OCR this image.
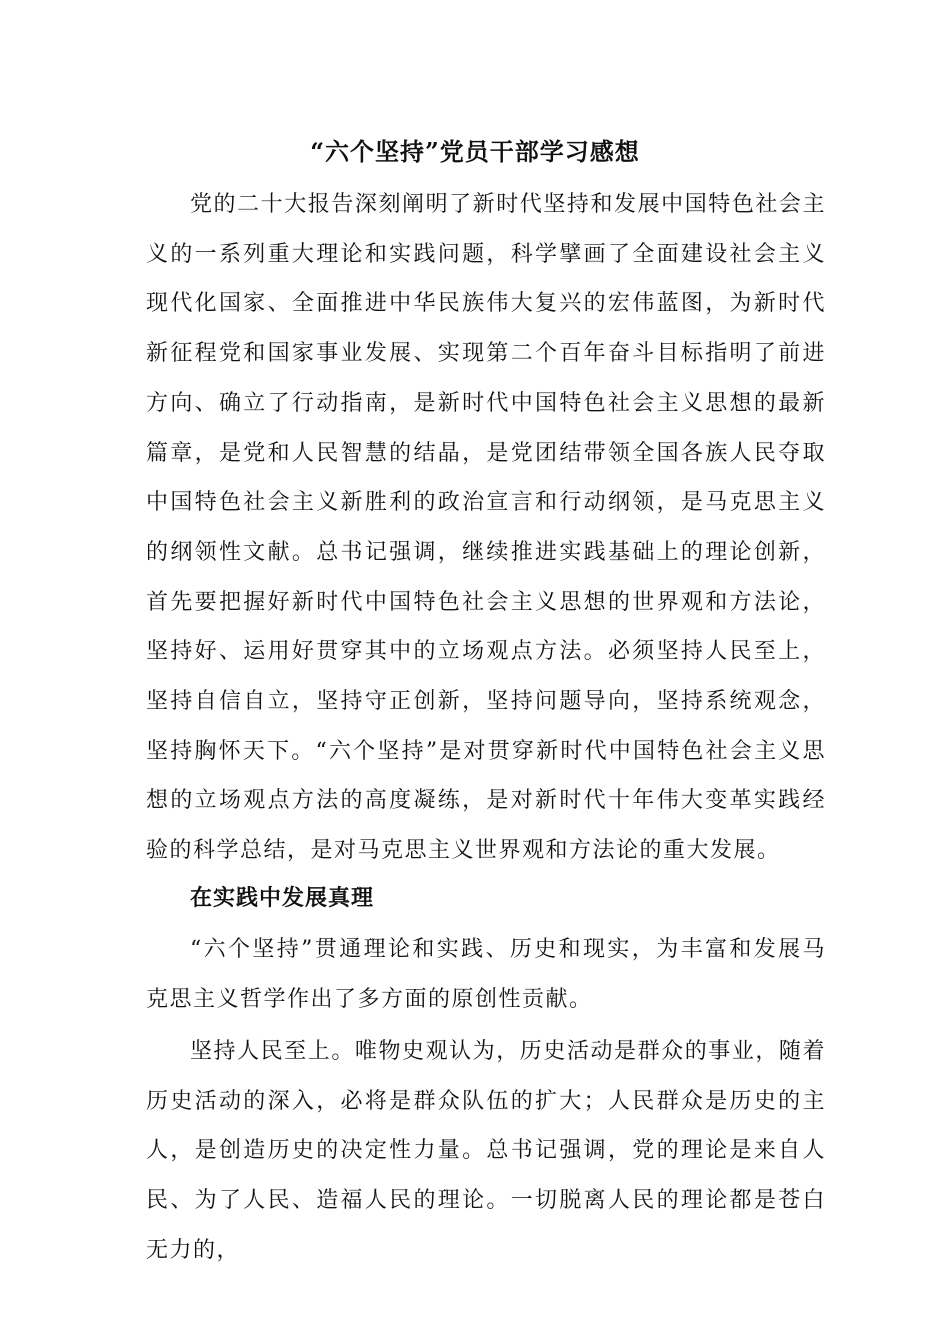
“六个坚持”党员干部学习感想
党的二十大报告深刻阐明了新时代坚持和发展中国特色社会主义的一系列重大理论和实践问题，科学擘画了全面建设社会主义现代化国家、全面推进中华民族伟大复兴的宏伟蓝图，为新时代新征程党和国家事业发展、实现第二个百年奋斗目标指明了前进方向、确立了行动指南，是新时代中国特色社会主义思想的最新篇章，是党和人民智慧的结晶，是党团结带领全国各族人民夺取中国特色社会主义新胜利的政治宣言和行动纲领，是马克思主义的纲领性文献。总书记强调，继续推进实践基础上的理论创新，首先要把握好新时代中国特色社会主义思想的世界观和方法论，坚持好、运用好贯穿其中的立场观点方法。必须坚持人民至上，坚持自信自立，坚持守正创新，坚持问题导向，坚持系统观念，坚持胸怀天下。“六个坚持”是对贯穿新时代中国特色社会主义思想的立场观点方法的高度凝练，是对新时代十年伟大变革实践经验的科学总结，是对马克思主义世界观和方法论的重大发展。
在实践中发展真理
“六个坚持”贯通理论和实践、历史和现实，为丰富和发展马克思主义哲学作出了多方面的原创性贡献。
坚持人民至上。唯物史观认为，历史活动是群众的事业，随着历史活动的深入，必将是群众队伍的扩大；人民群众是历史的主人，是创造历史的决定性力量。总书记强调，党的理论是来自人民、为了人民、造福人民的理论。一切脱离人民的理论都是苍白无力的，
